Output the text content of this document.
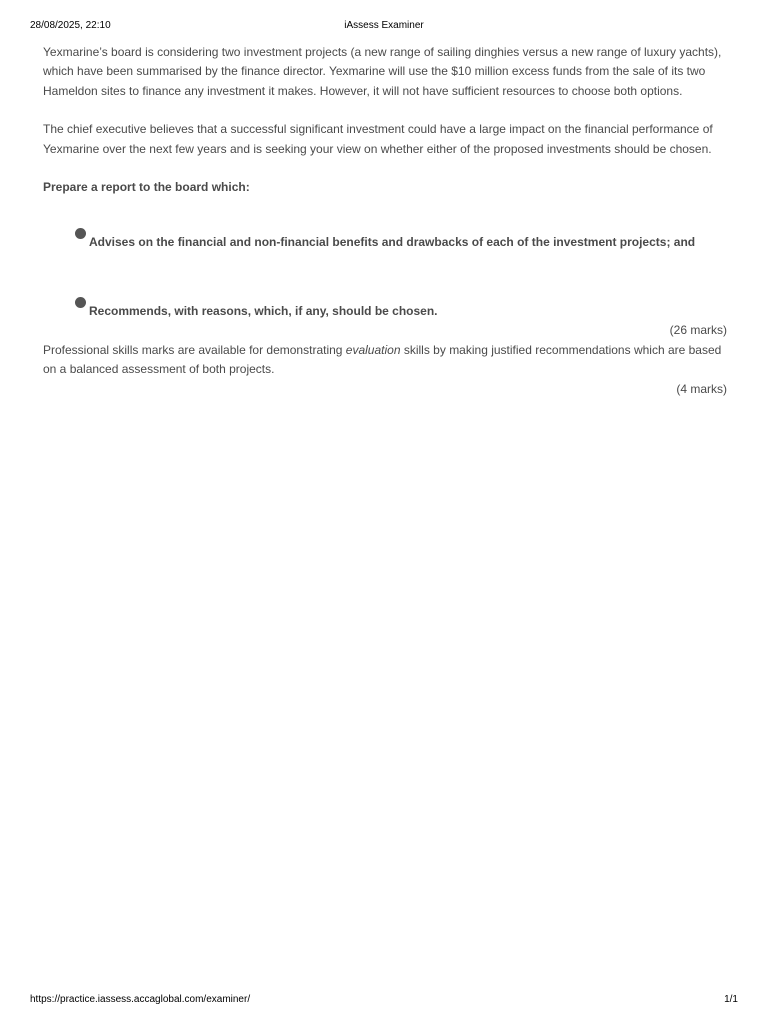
28/08/2025, 22:10	iAssess Examiner

Yexmarine’s board is considering two investment projects (a new range of sailing dinghies versus a new range of luxury yachts), which have been summarised by the finance director. Yexmarine will use the $10 million excess funds from the sale of its two Hameldon sites to finance any investment it makes. However, it will not have sufficient resources to choose both options.

The chief executive believes that a successful significant investment could have a large impact on the financial performance of Yexmarine over the next few years and is seeking your view on whether either of the proposed investments should be chosen.

Prepare a report to the board which:

Advises on the financial and non-financial benefits and drawbacks of each of the investment projects; and
Recommends, with reasons, which, if any, should be chosen.

(26 marks)

Professional skills marks are available for demonstrating evaluation skills by making justified recommendations which are based on a balanced assessment of both projects.

(4 marks)

https://practice.iassess.accaglobal.com/examiner/	1/1
